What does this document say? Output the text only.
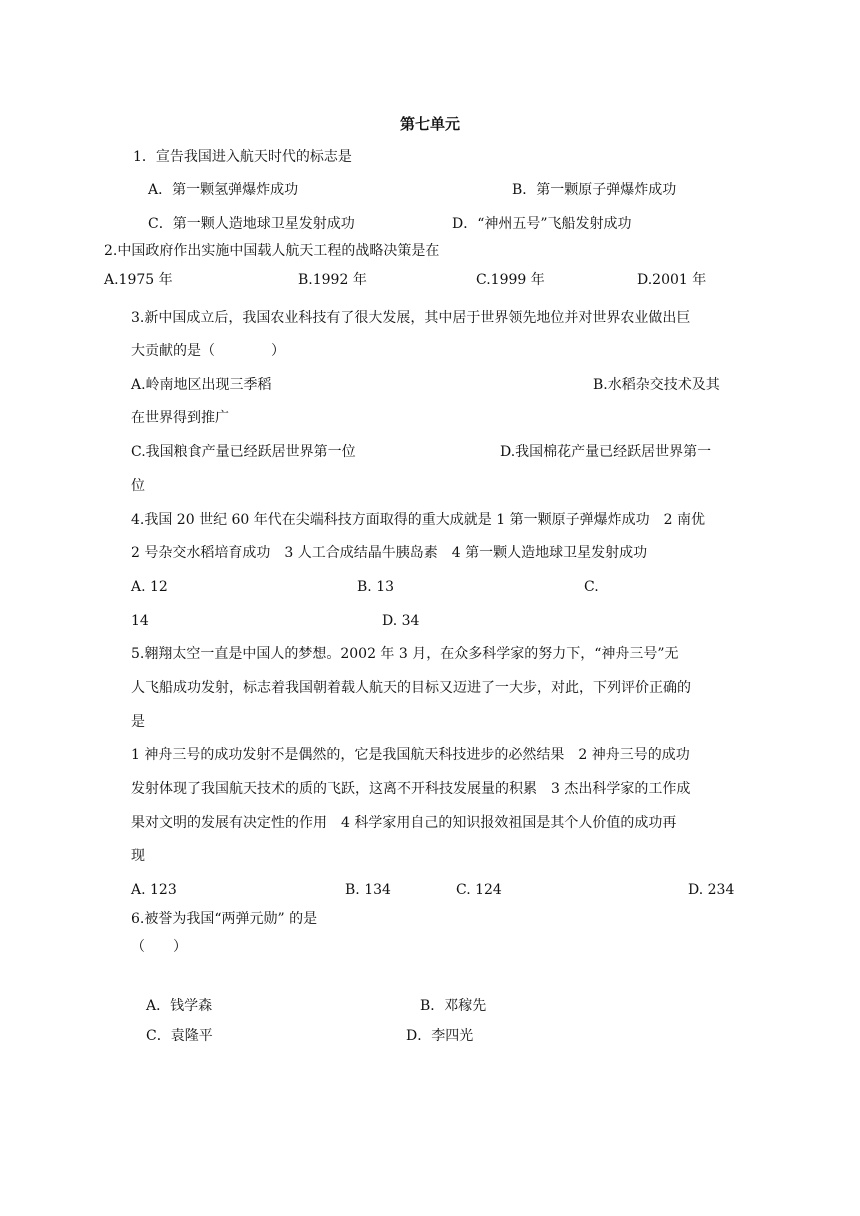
第七单元
1．宣告我国进入航天时代的标志是
A．第一颗氢弹爆炸成功	B．第一颗原子弹爆炸成功
C．第一颗人造地球卫星发射成功	D．“神州五号”飞船发射成功
2.中国政府作出实施中国载人航天工程的战略决策是在
A.1975 年	B.1992 年	C.1999 年	D.2001 年
3.新中国成立后，我国农业科技有了很大发展，其中居于世界领先地位并对世界农业做出巨
大贡献的是（　　　　）
A.岭南地区出现三季稻	B.水稻杂交技术及其
在世界得到推广
C.我国粮食产量已经跃居世界第一位	D.我国棉花产量已经跃居世界第一
位
4.我国 20 世纪 60 年代在尖端科技方面取得的重大成就是 1 第一颗原子弹爆炸成功　2 南优
2 号杂交水稻培育成功　3 人工合成结晶牛胰岛素　4 第一颗人造地球卫星发射成功
A. 12	B. 13	C.
14	D. 34
5.翱翔太空一直是中国人的梦想。2002 年 3 月，在众多科学家的努力下，“神舟三号”无
人飞船成功发射，标志着我国朝着载人航天的目标又迈进了一大步，对此，下列评价正确的
是
1 神舟三号的成功发射不是偶然的，它是我国航天科技进步的必然结果　2 神舟三号的成功
发射体现了我国航天技术的质的飞跃，这离不开科技发展量的积累　3 杰出科学家的工作成
果对文明的发展有决定性的作用　4 科学家用自己的知识报效祖国是其个人价值的成功再
现
A. 123	B. 134	C. 124	D. 234
6.被誉为我国“两弹元勋” 的是
（　　）
A．钱学森	B．邓稼先
C．袁隆平	D．李四光
